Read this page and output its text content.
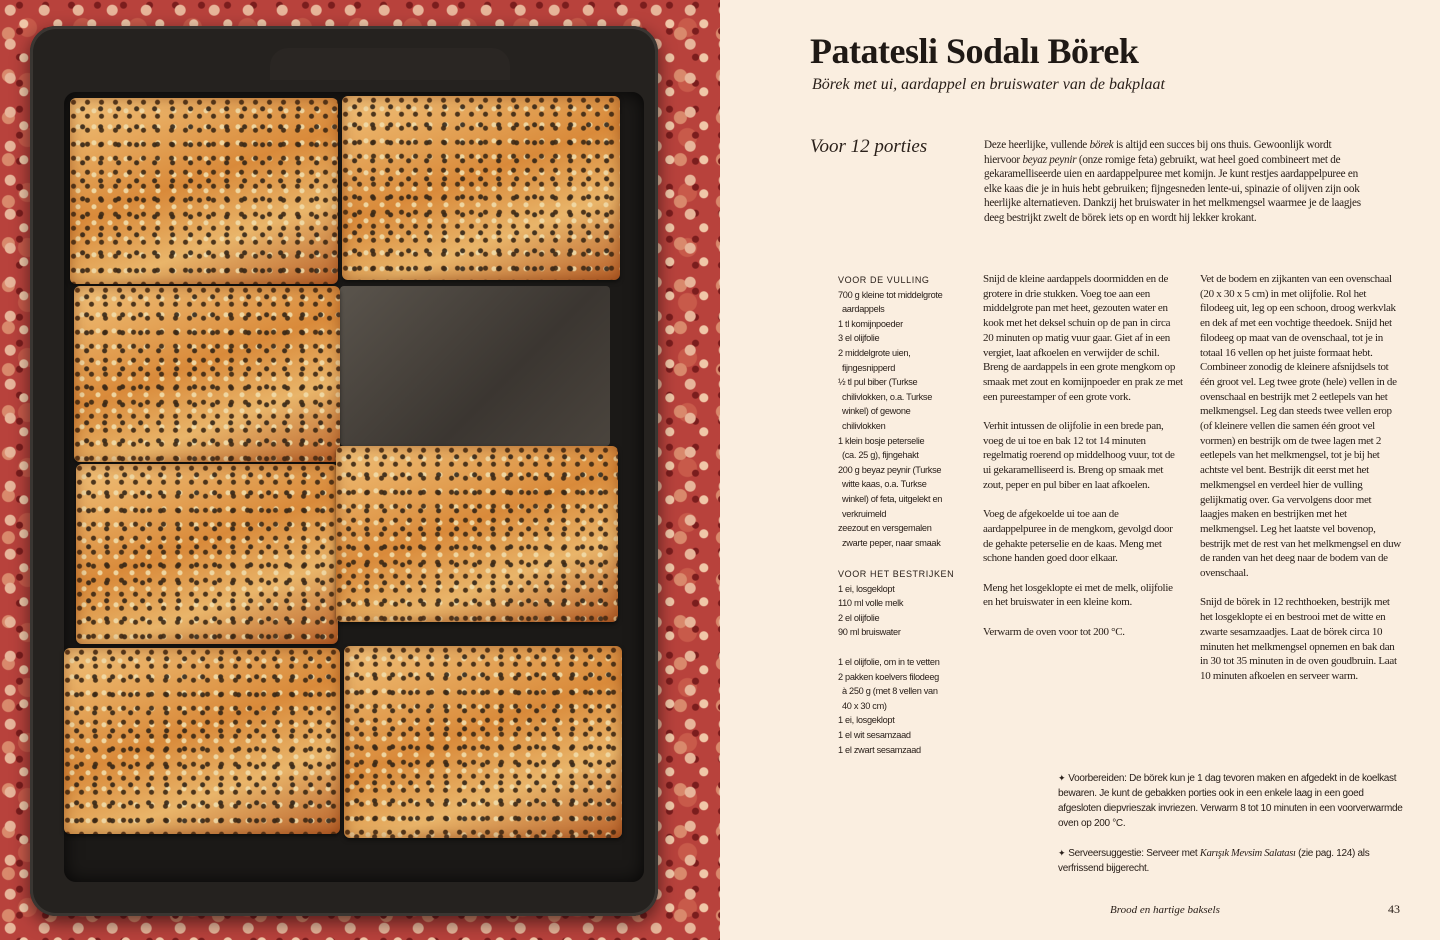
Patatesli Sodalı Börek
Börek met ui, aardappel en bruiswater van de bakplaat
Voor 12 porties	Deze heerlijke, vullende börek is altijd een succes bij ons thuis. Gewoonlijk wordt hiervoor beyaz peynir (onze romige feta) gebruikt, wat heel goed combineert met de gekaramelliseerde uien en aardappelpuree met komijn. Je kunt restjes aardappelpuree en elke kaas die je in huis hebt gebruiken; fijngesneden lente-ui, spinazie of olijven zijn ook heerlijke alternatieven. Dankzij het bruiswater in het melkmengsel waarmee je de laagjes deeg bestrijkt zwelt de börek iets op en wordt hij lekker krokant.
VOOR DE VULLING
700 g kleine tot middelgrote
aardappels
1 tl komijnpoeder
3 el olijfolie
2 middelgrote uien,
fijngesnipperd
½ tl pul biber (Turkse
chilivlokken, o.a. Turkse
winkel) of gewone
chilivlokken
1 klein bosje peterselie
(ca. 25 g), fijngehakt
200 g beyaz peynir (Turkse
witte kaas, o.a. Turkse
winkel) of feta, uitgelekt en
verkruimeld
zeezout en versgemalen
zwarte peper, naar smaak
VOOR HET BESTRIJKEN
1 ei, losgeklopt
110 ml volle melk
2 el olijfolie
90 ml bruiswater
1 el olijfolie, om in te vetten
2 pakken koelvers filodeeg
à 250 g (met 8 vellen van
40 x 30 cm)
1 ei, losgeklopt
1 el wit sesamzaad
1 el zwart sesamzaad

Snijd de kleine aardappels doormidden en de grotere in drie stukken. Voeg toe aan een middelgrote pan met heet, gezouten water en kook met het deksel schuin op de pan in circa 20 minuten op matig vuur gaar. Giet af in een vergiet, laat afkoelen en verwijder de schil. Breng de aardappels in een grote mengkom op smaak met zout en komijnpoeder en prak ze met een pureestamper of een grote vork.

Verhit intussen de olijfolie in een brede pan, voeg de ui toe en bak 12 tot 14 minuten regelmatig roerend op middelhoog vuur, tot de ui gekaramelliseerd is. Breng op smaak met zout, peper en pul biber en laat afkoelen.

Voeg de afgekoelde ui toe aan de aardappelpuree in de mengkom, gevolgd door de gehakte peterselie en de kaas. Meng met schone handen goed door elkaar.

Meng het losgeklopte ei met de melk, olijfolie en het bruiswater in een kleine kom.

Verwarm de oven voor tot 200 °C.

Vet de bodem en zijkanten van een ovenschaal (20 x 30 x 5 cm) in met olijfolie. Rol het filodeeg uit, leg op een schoon, droog werkvlak en dek af met een vochtige theedoek. Snijd het filodeeg op maat van de ovenschaal, tot je in totaal 16 vellen op het juiste formaat hebt. Combineer zonodig de kleinere afsnijdsels tot één groot vel. Leg twee grote (hele) vellen in de ovenschaal en bestrijk met 2 eetlepels van het melkmengsel. Leg dan steeds twee vellen erop (of kleinere vellen die samen één groot vel vormen) en bestrijk om de twee lagen met 2 eetlepels van het melkmengsel, tot je bij het achtste vel bent. Bestrijk dit eerst met het melkmengsel en verdeel hier de vulling gelijkmatig over. Ga vervolgens door met laagjes maken en bestrijken met het melkmengsel. Leg het laatste vel bovenop, bestrijk met de rest van het melkmengsel en duw de randen van het deeg naar de bodem van de ovenschaal.

Snijd de börek in 12 rechthoeken, bestrijk met het losgeklopte ei en bestrooi met de witte en zwarte sesamzaadjes. Laat de börek circa 10 minuten het melkmengsel opnemen en bak dan in 30 tot 35 minuten in de oven goudbruin. Laat 10 minuten afkoelen en serveer warm.

✦ Voorbereiden: De börek kun je 1 dag tevoren maken en afgedekt in de koelkast bewaren. Je kunt de gebakken porties ook in een enkele laag in een goed afgesloten diepvrieszak invriezen. Verwarm 8 tot 10 minuten in een voorverwarmde oven op 200 °C.
✦ Serveersuggestie: Serveer met Karışık Mevsim Salatası (zie pag. 124) als verfrissend bijgerecht.
Brood en hartige baksels	43
